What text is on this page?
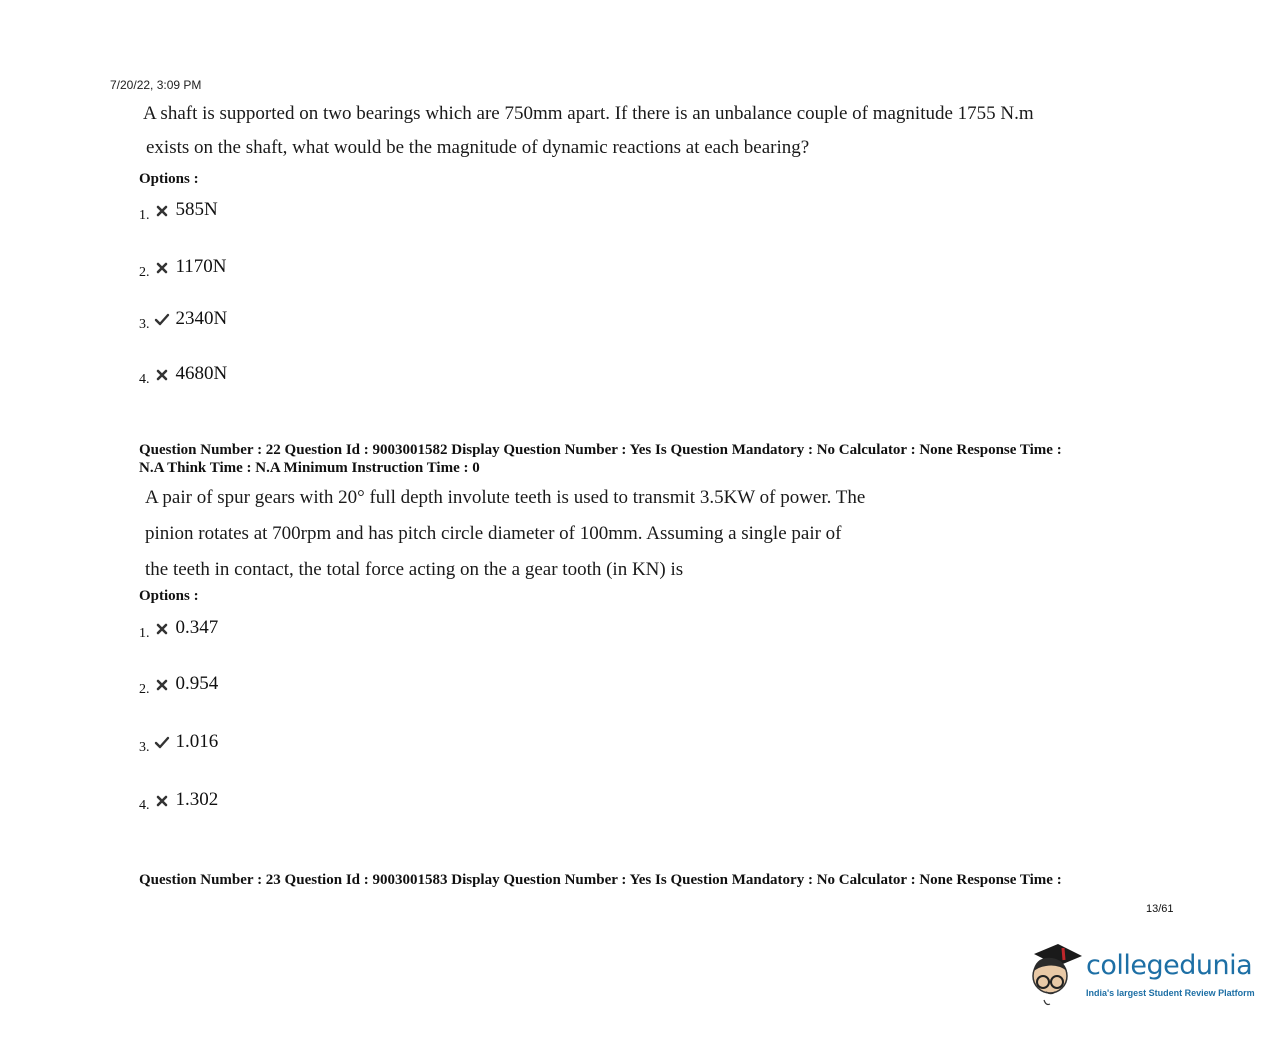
7/20/22, 3:09 PM
A shaft is supported on two bearings which are 750mm apart. If there is an unbalance couple of magnitude 1755 N.m
exists on the shaft, what would be the magnitude of dynamic reactions at each bearing?
Options :
1. 585N
2. 1170N
3. 2340N
4. 4680N
Question Number : 22 Question Id : 9003001582 Display Question Number : Yes Is Question Mandatory : No Calculator : None Response Time :
N.A Think Time : N.A Minimum Instruction Time : 0
A pair of spur gears with 20° full depth involute teeth is used to transmit 3.5KW of power. The
pinion rotates at 700rpm and has pitch circle diameter of 100mm. Assuming a single pair of
the teeth in contact, the total force acting on the a gear tooth (in KN) is
Options :
1. 0.347
2. 0.954
3. 1.016
4. 1.302
Question Number : 23 Question Id : 9003001583 Display Question Number : Yes Is Question Mandatory : No Calculator : None Response Time :
13/61
collegedunia
India's largest Student Review Platform
